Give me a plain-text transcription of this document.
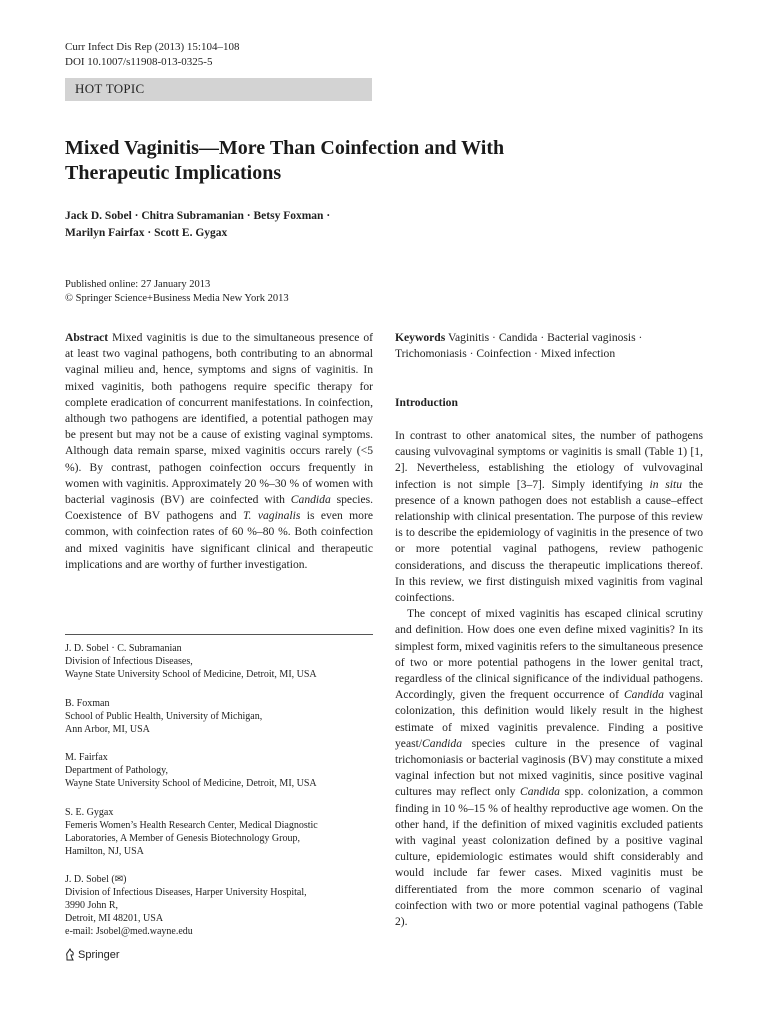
Curr Infect Dis Rep (2013) 15:104–108
DOI 10.1007/s11908-013-0325-5
HOT TOPIC
Mixed Vaginitis—More Than Coinfection and With Therapeutic Implications
Jack D. Sobel · Chitra Subramanian · Betsy Foxman ·
Marilyn Fairfax · Scott E. Gygax
Published online: 27 January 2013
© Springer Science+Business Media New York 2013
Abstract Mixed vaginitis is due to the simultaneous presence of at least two vaginal pathogens, both contributing to an abnormal vaginal milieu and, hence, symptoms and signs of vaginitis. In mixed vaginitis, both pathogens require specific therapy for complete eradication of concurrent manifestations. In coinfection, although two pathogens are identified, a potential pathogen may be present but may not be a cause of existing vaginal symptoms. Although data remain sparse, mixed vaginitis occurs rarely (<5 %). By contrast, pathogen coinfection occurs frequently in women with vaginitis. Approximately 20 %–30 % of women with bacterial vaginosis (BV) are coinfected with Candida species. Coexistence of BV pathogens and T. vaginalis is even more common, with coinfection rates of 60 %–80 %. Both coinfection and mixed vaginitis have significant clinical and therapeutic implications and are worthy of further investigation.
J. D. Sobel · C. Subramanian
Division of Infectious Diseases,
Wayne State University School of Medicine, Detroit, MI, USA
B. Foxman
School of Public Health, University of Michigan,
Ann Arbor, MI, USA
M. Fairfax
Department of Pathology,
Wayne State University School of Medicine, Detroit, MI, USA
S. E. Gygax
Femeris Women’s Health Research Center, Medical Diagnostic
Laboratories, A Member of Genesis Biotechnology Group,
Hamilton, NJ, USA
J. D. Sobel (✉)
Division of Infectious Diseases, Harper University Hospital,
3990 John R,
Detroit, MI 48201, USA
e-mail: Jsobel@med.wayne.edu
Keywords Vaginitis · Candida · Bacterial vaginosis · Trichomoniasis · Coinfection · Mixed infection
Introduction

In contrast to other anatomical sites, the number of pathogens causing vulvovaginal symptoms or vaginitis is small (Table 1) [1, 2]. Nevertheless, establishing the etiology of vulvovaginal infection is not simple [3–7]. Simply identifying in situ the presence of a known pathogen does not establish a cause–effect relationship with clinical presentation. The purpose of this review is to describe the epidemiology of vaginitis in the presence of two or more potential vaginal pathogens, review pathogenic considerations, and discuss the therapeutic implications thereof. In this review, we first distinguish mixed vaginitis from vaginal coinfections.

The concept of mixed vaginitis has escaped clinical scrutiny and definition. How does one even define mixed vaginitis? In its simplest form, mixed vaginitis refers to the simultaneous presence of two or more potential pathogens in the lower genital tract, regardless of the clinical significance of the individual pathogens. Accordingly, given the frequent occurrence of Candida vaginal colonization, this definition would likely result in the highest estimate of mixed vaginitis prevalence. Finding a positive yeast/Candida species culture in the presence of vaginal trichomoniasis or bacterial vaginosis (BV) may constitute a mixed vaginal infection but not mixed vaginitis, since positive vaginal cultures may reflect only Candida spp. colonization, a common finding in 10 %–15 % of healthy reproductive age women. On the other hand, if the definition of mixed vaginitis excluded patients with vaginal yeast colonization defined by a positive vaginal culture, epidemiologic estimates would shift considerably and would include far fewer cases. Mixed vaginitis must be differentiated from the more common scenario of vaginal coinfection with two or more potential vaginal pathogens (Table 2).

Springer
